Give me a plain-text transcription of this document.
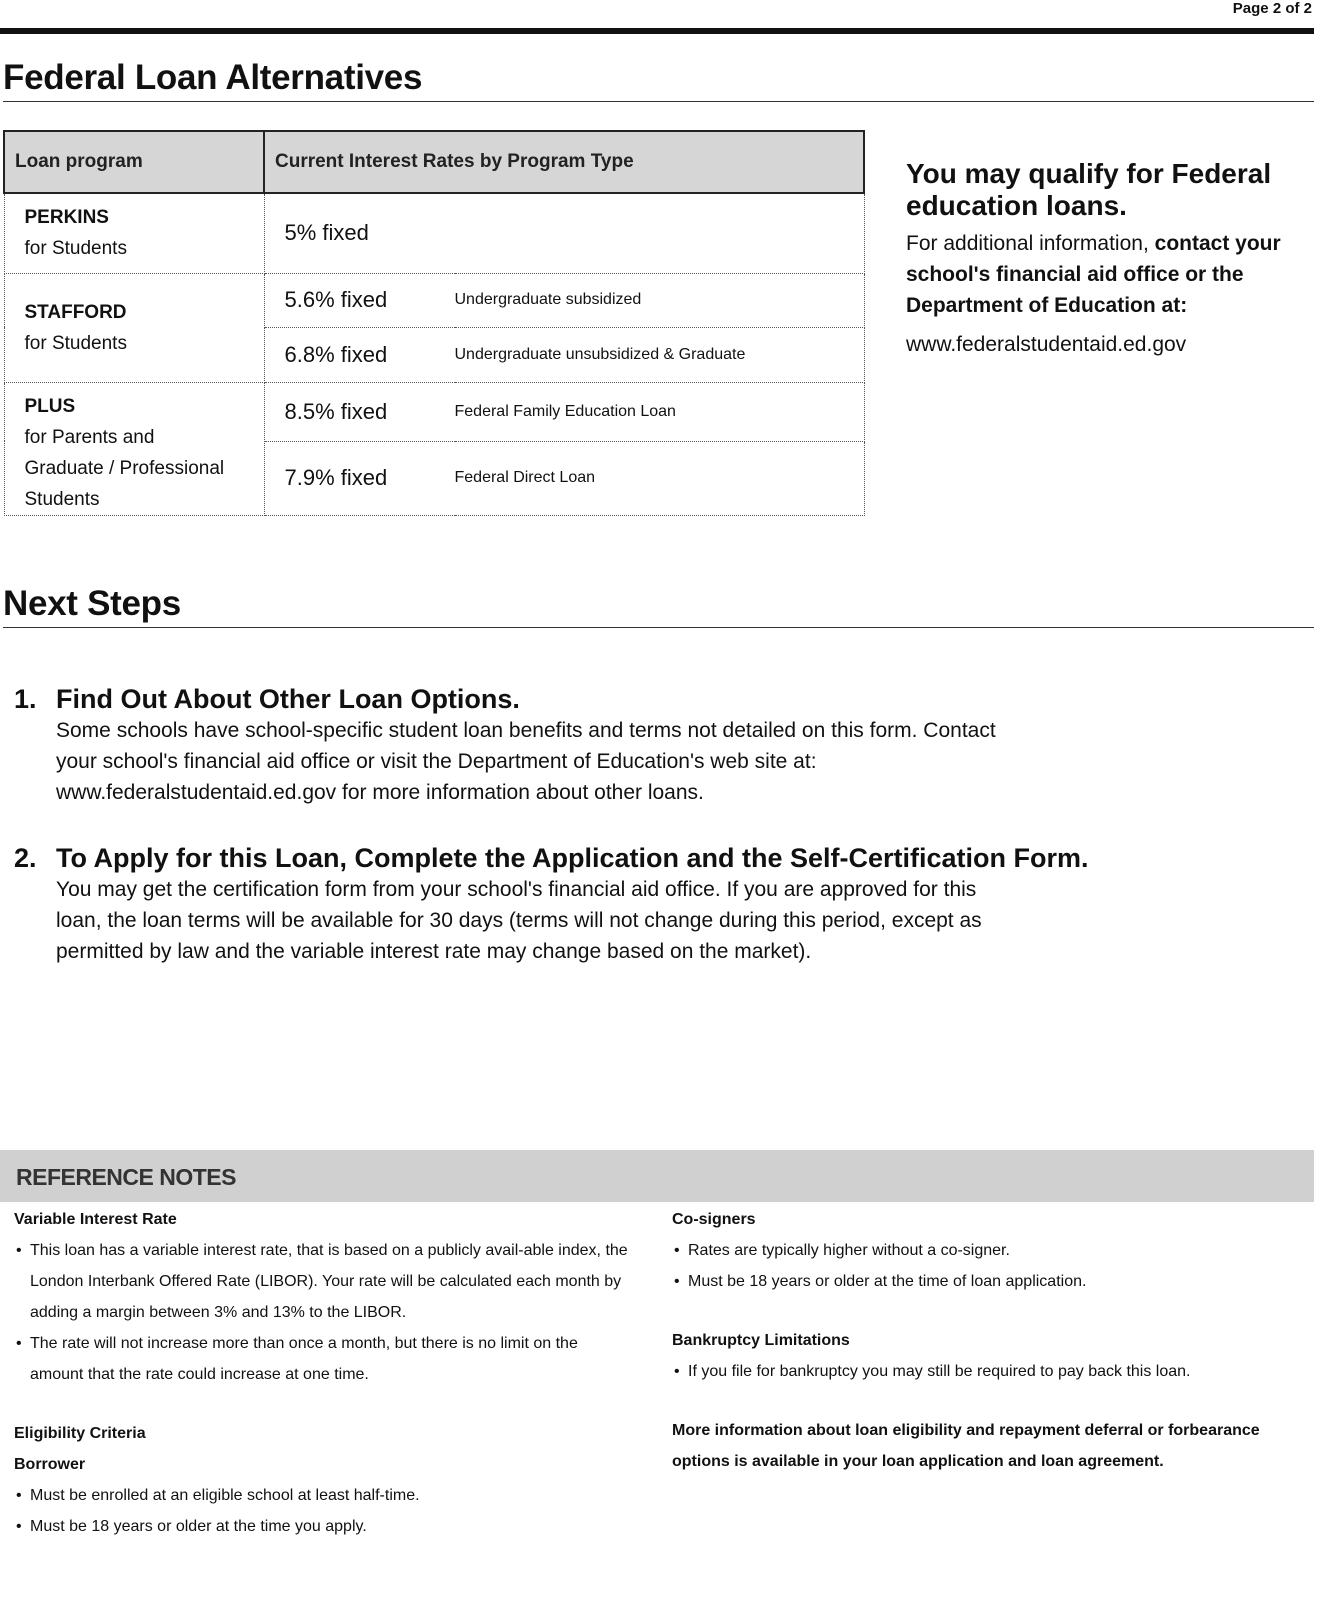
Page 2 of 2
Federal Loan Alternatives
Loan program	Current Interest Rates by Program Type	
PERKINS
for Students	5% fixed	
STAFFORD
for Students	5.6% fixed	Undergraduate subsidized
	6.8% fixed	Undergraduate unsubsidized & Graduate
PLUS
for Parents and
Graduate / Professional
Students	8.5% fixed	Federal Family Education Loan
	7.9% fixed	Federal Direct Loan
You may qualify for Federal education loans.

For additional information, contact your school's financial aid office or the Department of Education at:

www.federalstudentaid.ed.gov
Next Steps
1. Find Out About Other Loan Options.
Some schools have school-specific student loan benefits and terms not detailed on this form. Contact
your school's financial aid office or visit the Department of Education's web site at:
www.federalstudentaid.ed.gov for more information about other loans.
2. To Apply for this Loan, Complete the Application and the Self-Certification Form.
You may get the certification form from your school's financial aid office. If you are approved for this
loan, the loan terms will be available for 30 days (terms will not change during this period, except as
permitted by law and the variable interest rate may change based on the market).
REFERENCE NOTES
Variable Interest Rate
• This loan has a variable interest rate, that is based on a publicly avail-able index, the London Interbank Offered Rate (LIBOR). Your rate will be calculated each month by adding a margin between 3% and 13% to the LIBOR.
• The rate will not increase more than once a month, but there is no limit on the amount that the rate could increase at one time.
Eligibility Criteria
Borrower
• Must be enrolled at an eligible school at least half-time.
• Must be 18 years or older at the time you apply.
Co-signers
• Rates are typically higher without a co-signer.
• Must be 18 years or older at the time of loan application.
Bankruptcy Limitations
• If you file for bankruptcy you may still be required to pay back this loan.
More information about loan eligibility and repayment deferral or forbearance options is available in your loan application and loan agreement.
